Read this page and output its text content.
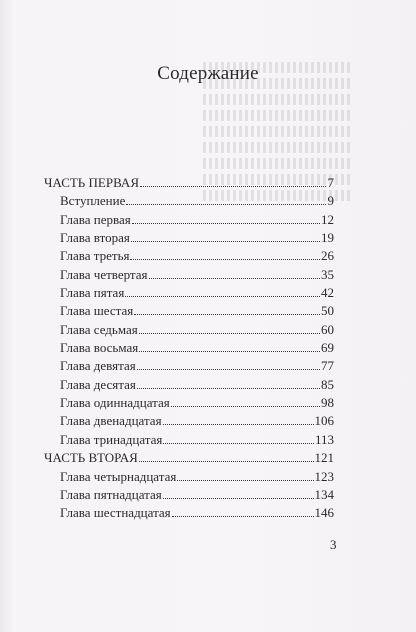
Содержание
ЧАСТЬ ПЕРВАЯ	7
Вступление	9
Глава первая	12
Глава вторая	19
Глава третья	26
Глава четвертая	35
Глава пятая	42
Глава шестая	50
Глава седьмая	60
Глава восьмая	69
Глава девятая	77
Глава десятая	85
Глава одиннадцатая	98
Глава двенадцатая	106
Глава тринадцатая	113
ЧАСТЬ ВТОРАЯ	121
Глава четырнадцатая	123
Глава пятнадцатая	134
Глава шестнадцатая	146
3
